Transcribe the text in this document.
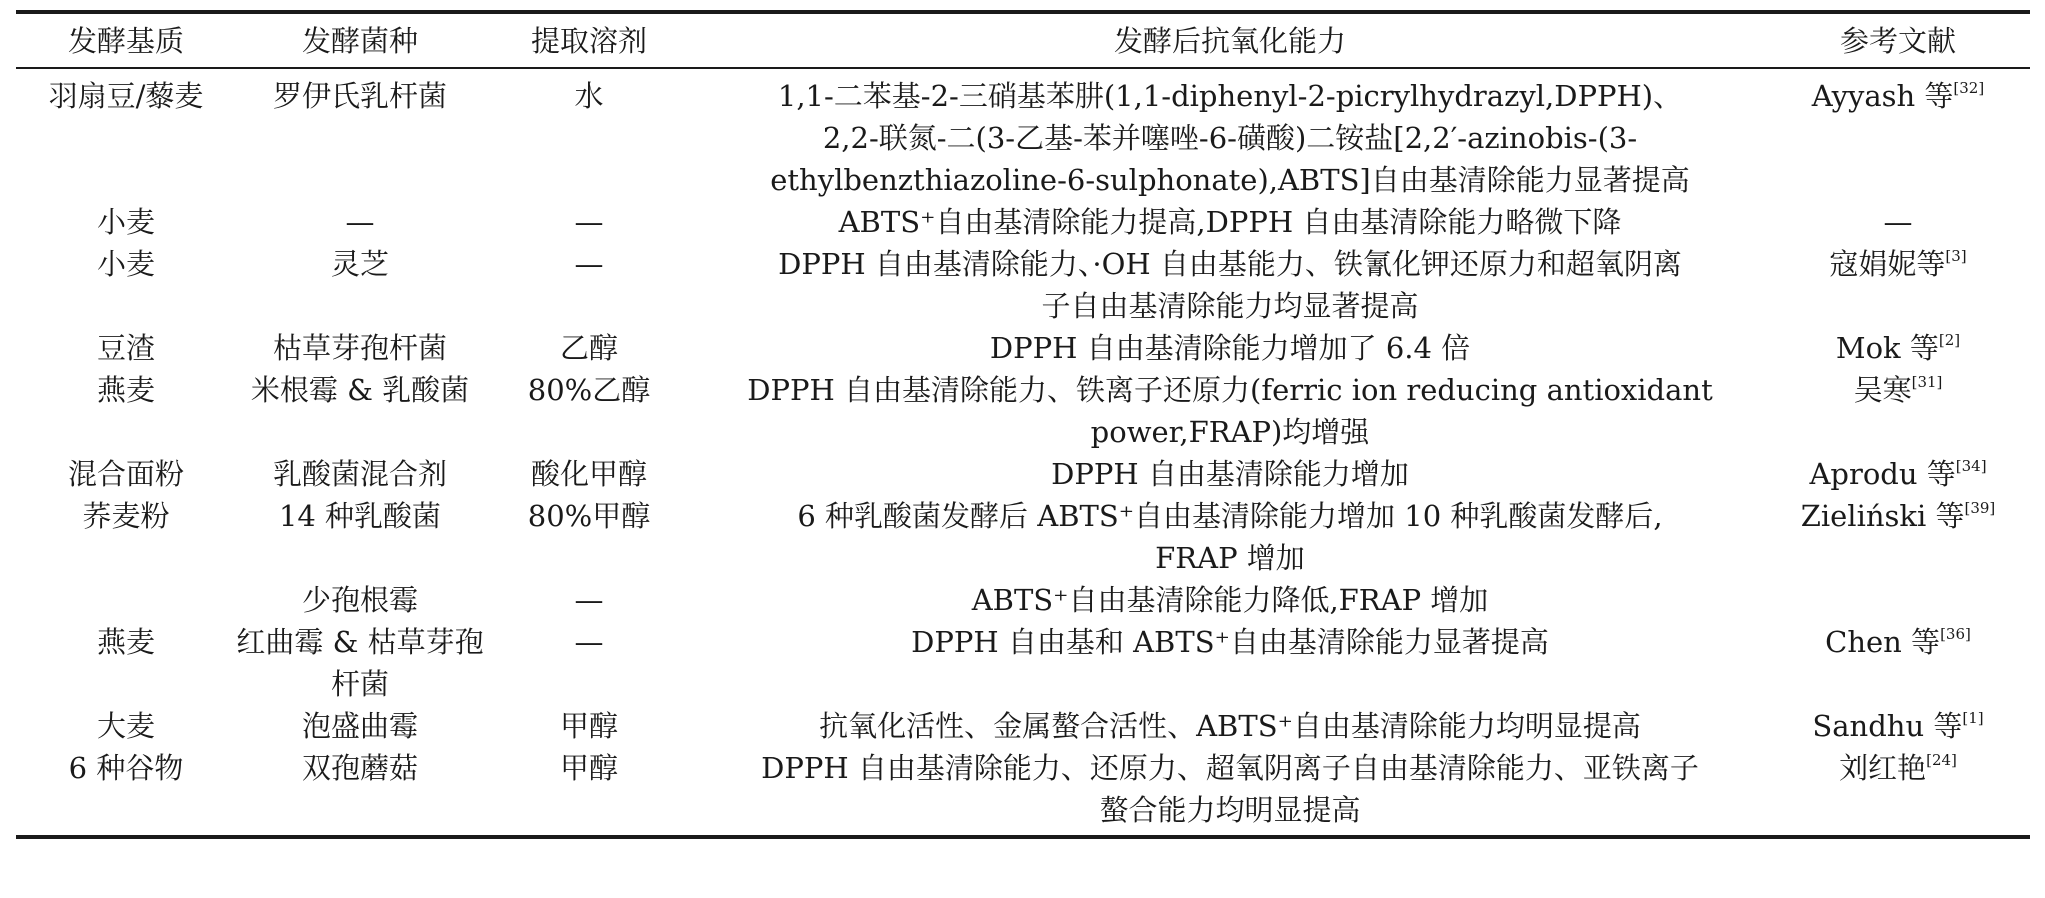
发酵基质	发酵菌种	提取溶剂	发酵后抗氧化能力	参考文献
羽扇豆/藜麦	罗伊氏乳杆菌	水	1,1-二苯基-2-三硝基苯肼(1,1-diphenyl-2-picrylhydrazyl,DPPH)、
2,2-联氮-二(3-乙基-苯并噻唑-6-磺酸)二铵盐[2,2′-azinobis-(3-
ethylbenzthiazoline-6-sulphonate),ABTS]自由基清除能力显著提高	Ayyash 等[32]
小麦	—	—	ABTS⁺自由基清除能力提高,DPPH 自由基清除能力略微下降	—
小麦	灵芝	—	DPPH 自由基清除能力、·OH 自由基能力、铁氰化钾还原力和超氧阴离
子自由基清除能力均显著提高	寇娟妮等[3]
豆渣	枯草芽孢杆菌	乙醇	DPPH 自由基清除能力增加了 6.4 倍	Mok 等[2]
燕麦	米根霉 & 乳酸菌	80%乙醇	DPPH 自由基清除能力、铁离子还原力(ferric ion reducing antioxidant
power,FRAP)均增强	吴寒[31]
混合面粉	乳酸菌混合剂	酸化甲醇	DPPH 自由基清除能力增加	Aprodu 等[34]
荞麦粉	14 种乳酸菌	80%甲醇	6 种乳酸菌发酵后 ABTS⁺自由基清除能力增加 10 种乳酸菌发酵后,
FRAP 增加	Zieliński 等[39]
	少孢根霉	—	ABTS⁺自由基清除能力降低,FRAP 增加	

燕麦	红曲霉 & 枯草芽孢杆菌	—	DPPH 自由基和 ABTS⁺自由基清除能力显著提高	Chen 等[36]
大麦	泡盛曲霉	甲醇	抗氧化活性、金属螯合活性、ABTS⁺自由基清除能力均明显提高	Sandhu 等[1]
6 种谷物	双孢蘑菇	甲醇	DPPH 自由基清除能力、还原力、超氧阴离子自由基清除能力、亚铁离子
螯合能力均明显提高	刘红艳[24]
